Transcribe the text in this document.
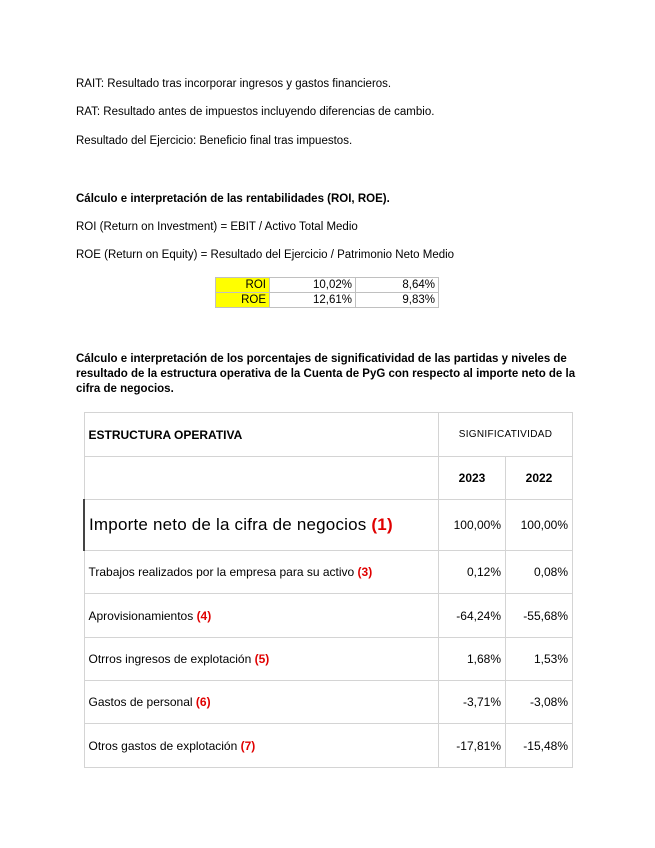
RAIT: Resultado tras incorporar ingresos y gastos financieros.
RAT: Resultado antes de impuestos incluyendo diferencias de cambio.
Resultado del Ejercicio: Beneficio final tras impuestos.
Cálculo e interpretación de las rentabilidades (ROI, ROE).
ROI (Return on Investment) = EBIT / Activo Total Medio
ROE (Return on Equity) = Resultado del Ejercicio / Patrimonio Neto Medio
ROI	10,02%	8,64%
ROE	12,61%	9,83%
Cálculo e interpretación de los porcentajes de significatividad de las partidas y niveles de resultado de la estructura operativa de la Cuenta de PyG con respecto al importe neto de la cifra de negocios.
ESTRUCTURA OPERATIVA	SIGNIFICATIVIDAD	
	2023	2022
Importe neto de la cifra de negocios (1)	100,00%	100,00%
Trabajos realizados por la empresa para su activo (3)	0,12%	0,08%
Aprovisionamientos (4)	-64,24%	-55,68%
Otrros ingresos de explotación (5)	1,68%	1,53%
Gastos de personal (6)	-3,71%	-3,08%
Otros gastos de explotación (7)	-17,81%	-15,48%
